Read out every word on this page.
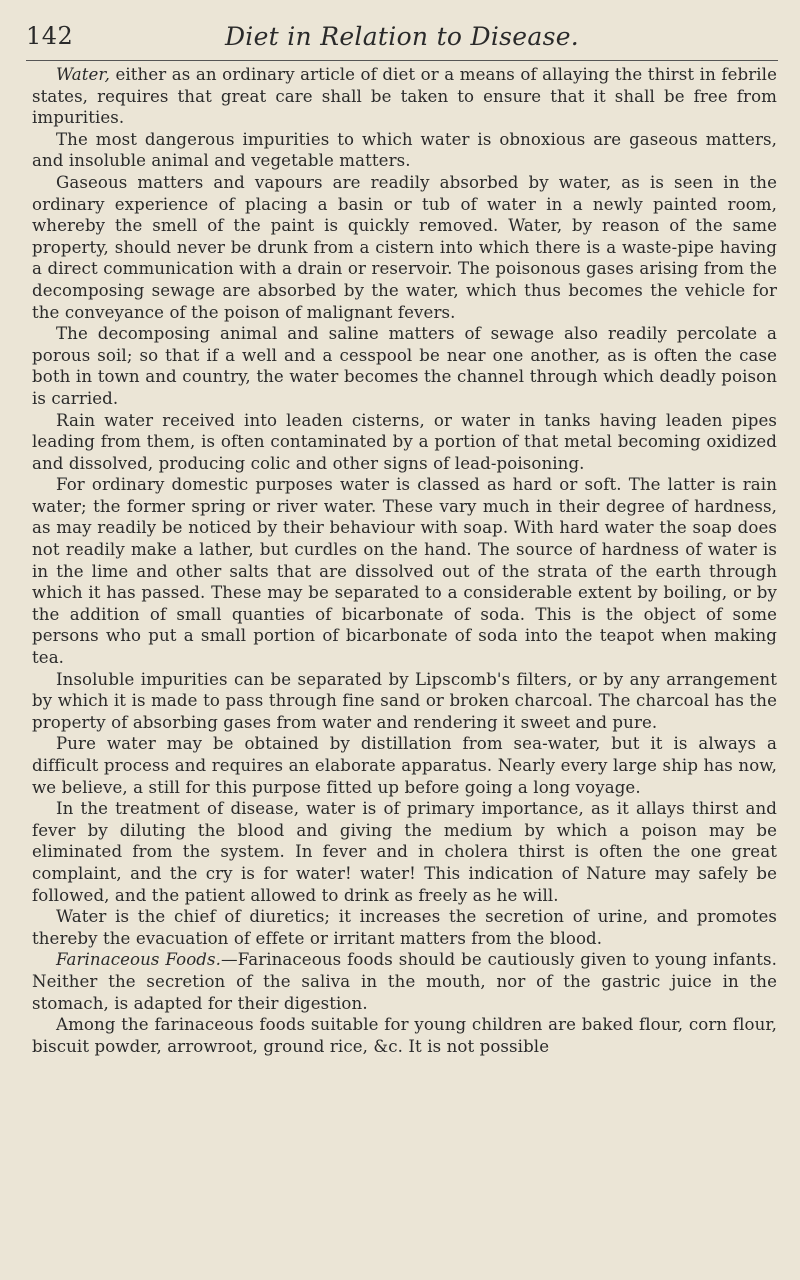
142	Diet in Relation to Disease.

Water, either as an ordinary article of diet or a means of allaying the thirst in febrile states, requires that great care shall be taken to ensure that it shall be free from impurities.

The most dangerous impurities to which water is obnoxious are gaseous matters, and insoluble animal and vegetable matters.

Gaseous matters and vapours are readily absorbed by water, as is seen in the ordinary experience of placing a basin or tub of water in a newly painted room, whereby the smell of the paint is quickly removed. Water, by reason of the same property, should never be drunk from a cistern into which there is a waste-pipe having a direct communication with a drain or reservoir. The poisonous gases arising from the decomposing sewage are absorbed by the water, which thus becomes the vehicle for the conveyance of the poison of malignant fevers.

The decomposing animal and saline matters of sewage also readily percolate a porous soil; so that if a well and a cesspool be near one another, as is often the case both in town and country, the water becomes the channel through which deadly poison is carried.

Rain water received into leaden cisterns, or water in tanks having leaden pipes leading from them, is often contaminated by a portion of that metal becoming oxidized and dissolved, producing colic and other signs of lead-poisoning.

For ordinary domestic purposes water is classed as hard or soft. The latter is rain water; the former spring or river water. These vary much in their degree of hardness, as may readily be noticed by their behaviour with soap. With hard water the soap does not readily make a lather, but curdles on the hand. The source of hardness of water is in the lime and other salts that are dissolved out of the strata of the earth through which it has passed. These may be separated to a considerable extent by boiling, or by the addition of small quanties of bicarbonate of soda. This is the object of some persons who put a small portion of bicarbonate of soda into the teapot when making tea.

Insoluble impurities can be separated by Lipscomb's filters, or by any arrangement by which it is made to pass through fine sand or broken charcoal. The charcoal has the property of absorbing gases from water and rendering it sweet and pure.

Pure water may be obtained by distillation from sea-water, but it is always a difficult process and requires an elaborate apparatus. Nearly every large ship has now, we believe, a still for this purpose fitted up before going a long voyage.

In the treatment of disease, water is of primary importance, as it allays thirst and fever by diluting the blood and giving the medium by which a poison may be eliminated from the system. In fever and in cholera thirst is often the one great complaint, and the cry is for water! water! This indication of Nature may safely be followed, and the patient allowed to drink as freely as he will.

Water is the chief of diuretics; it increases the secretion of urine, and promotes thereby the evacuation of effete or irritant matters from the blood.

Farinaceous Foods.—Farinaceous foods should be cautiously given to young infants. Neither the secretion of the saliva in the mouth, nor of the gastric juice in the stomach, is adapted for their digestion.

Among the farinaceous foods suitable for young children are baked flour, corn flour, biscuit powder, arrowroot, ground rice, &c. It is not possible
